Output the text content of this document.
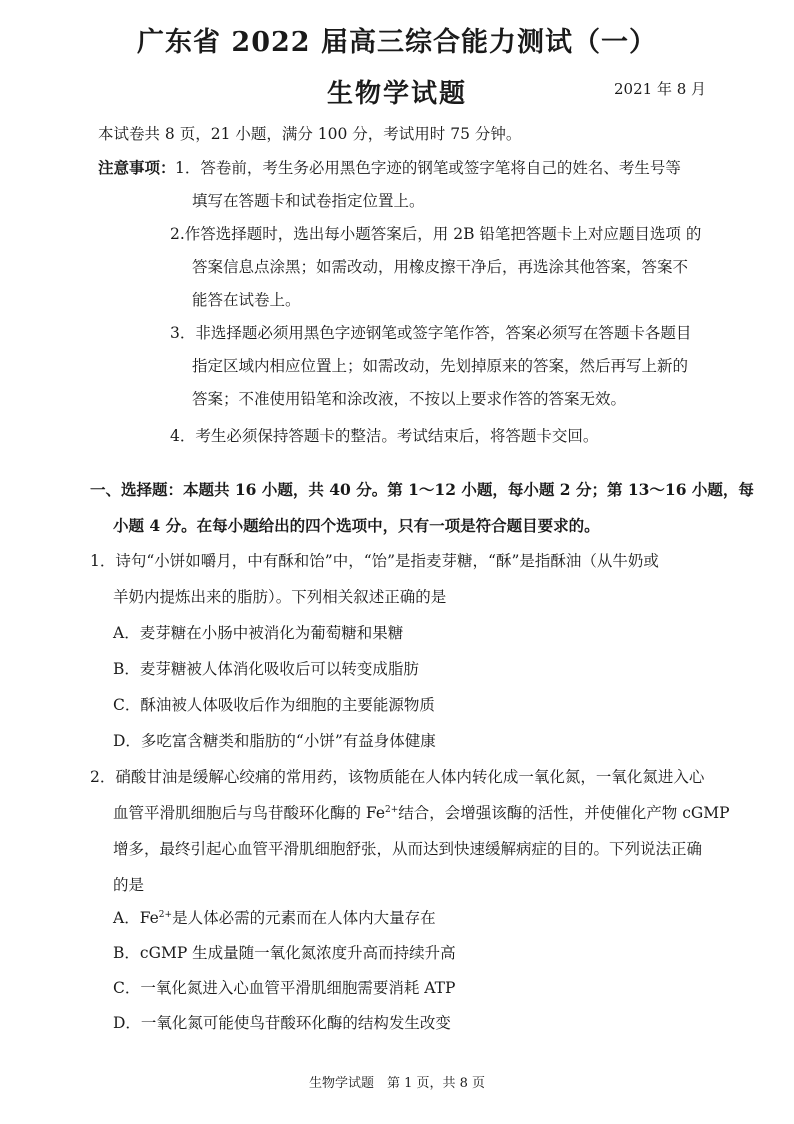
广东省 2022 届高三综合能力测试（一）
生物学试题	2021 年 8 月
本试卷共 8 页，21 小题，满分 100 分，考试用时 75 分钟。
注意事项： 1．答卷前，考生务必用黑色字迹的钢笔或签字笔将自己的姓名、考生号等
填写在答题卡和试卷指定位置上。
2.作答选择题时，选出每小题答案后，用 2B 铅笔把答题卡上对应题目选项 的
答案信息点涂黑；如需改动，用橡皮擦干净后，再选涂其他答案，答案不
能答在试卷上。
3．非选择题必须用黑色字迹钢笔或签字笔作答，答案必须写在答题卡各题目
指定区域内相应位置上；如需改动，先划掉原来的答案，然后再写上新的
答案；不准使用铅笔和涂改液，不按以上要求作答的答案无效。
4．考生必须保持答题卡的整洁。考试结束后，将答题卡交回。
一、选择题：本题共 16 小题，共 40 分。第 1～12 小题，每小题 2 分；第 13～16 小题，每
小题 4 分。在每小题给出的四个选项中，只有一项是符合题目要求的。
1．诗句“小饼如嚼月，中有酥和饴”中，“饴”是指麦芽糖，“酥”是指酥油（从牛奶或
羊奶内提炼出来的脂肪）。下列相关叙述正确的是
A．麦芽糖在小肠中被消化为葡萄糖和果糖
B．麦芽糖被人体消化吸收后可以转变成脂肪
C．酥油被人体吸收后作为细胞的主要能源物质
D．多吃富含糖类和脂肪的“小饼”有益身体健康
2．硝酸甘油是缓解心绞痛的常用药，该物质能在人体内转化成一氧化氮，一氧化氮进入心
血管平滑肌细胞后与鸟苷酸环化酶的 $Fe^{2+}$结合，会增强该酶的活性，并使催化产物 cGMP
增多，最终引起心血管平滑肌细胞舒张，从而达到快速缓解病症的目的。下列说法正确
的是
A．$Fe^{2+}$是人体必需的元素而在人体内大量存在
B．cGMP 生成量随一氧化氮浓度升高而持续升高
C．一氧化氮进入心血管平滑肌细胞需要消耗 ATP
D．一氧化氮可能使鸟苷酸环化酶的结构发生改变
生物学试题　第 1 页，共 8 页
